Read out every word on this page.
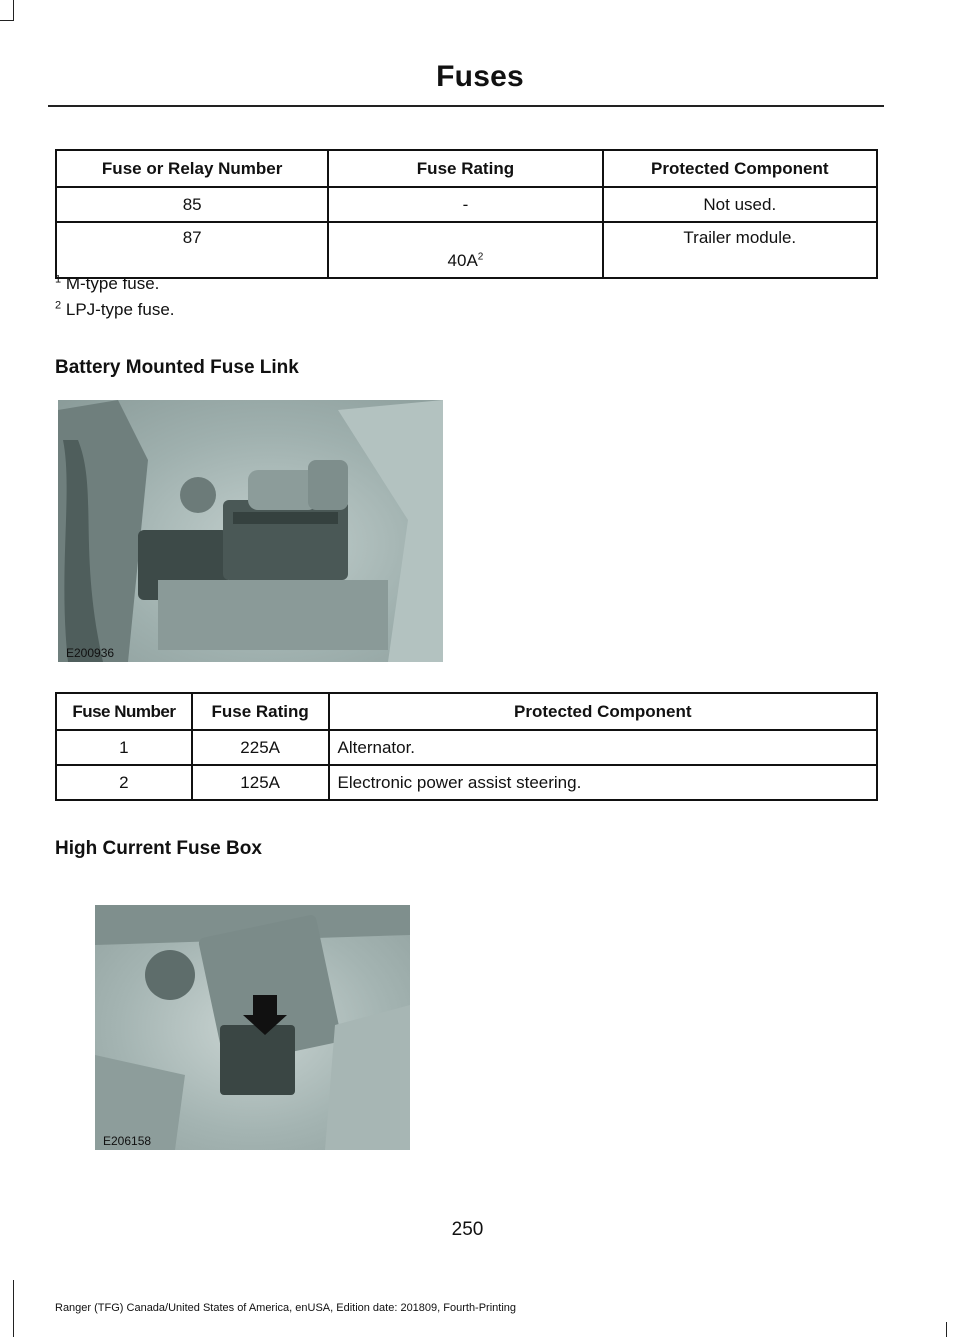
Fuses
Fuse or Relay Number	Fuse Rating	Protected Component
85	-	Not used.
87	$40A^2$	Trailer module.
$^1$ M-type fuse.
$^2$ LPJ-type fuse.
Battery Mounted Fuse Link
E200936
Fuse Number	Fuse Rating	Protected Component
1	225A	Alternator.
2	125A	Electronic power assist steering.
High Current Fuse Box
E206158
250
Ranger (TFG) Canada/United States of America, enUSA, Edition date: 201809, Fourth-Printing
